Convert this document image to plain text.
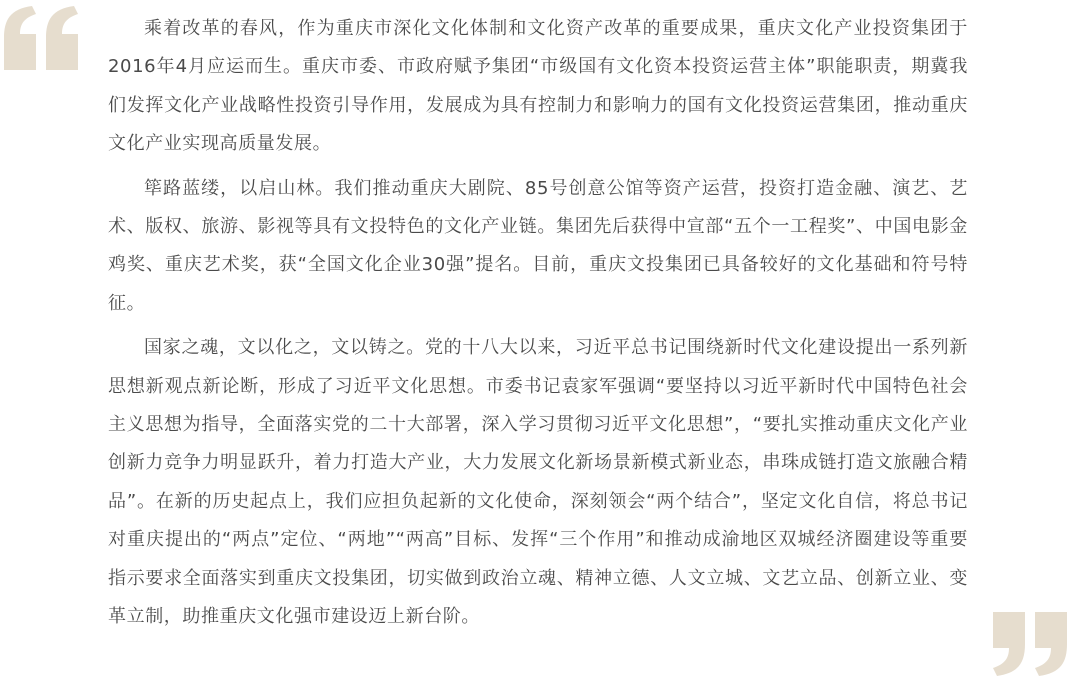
乘着改革的春风，作为重庆市深化文化体制和文化资产改革的重要成果，重庆文化产业投资集团于2016年4月应运而生。重庆市委、市政府赋予集团“市级国有文化资本投资运营主体”职能职责，期冀我们发挥文化产业战略性投资引导作用，发展成为具有控制力和影响力的国有文化投资运营集团，推动重庆文化产业实现高质量发展。

筚路蓝缕，以启山林。我们推动重庆大剧院、85号创意公馆等资产运营，投资打造金融、演艺、艺术、版权、旅游、影视等具有文投特色的文化产业链。集团先后获得中宣部“五个一工程奖”、中国电影金鸡奖、重庆艺术奖，获“全国文化企业30强”提名。目前，重庆文投集团已具备较好的文化基础和符号特征。

国家之魂，文以化之，文以铸之。党的十八大以来，习近平总书记围绕新时代文化建设提出一系列新思想新观点新论断，形成了习近平文化思想。市委书记袁家军强调“要坚持以习近平新时代中国特色社会主义思想为指导，全面落实党的二十大部署，深入学习贯彻习近平文化思想”，“要扎实推动重庆文化产业创新力竞争力明显跃升，着力打造大产业，大力发展文化新场景新模式新业态，串珠成链打造文旅融合精品”。在新的历史起点上，我们应担负起新的文化使命，深刻领会“两个结合”，坚定文化自信，将总书记对重庆提出的“两点”定位、“两地”“两高”目标、发挥“三个作用”和推动成渝地区双城经济圈建设等重要指示要求全面落实到重庆文投集团，切实做到政治立魂、精神立德、人文立城、文艺立品、创新立业、变革立制，助推重庆文化强市建设迈上新台阶。
